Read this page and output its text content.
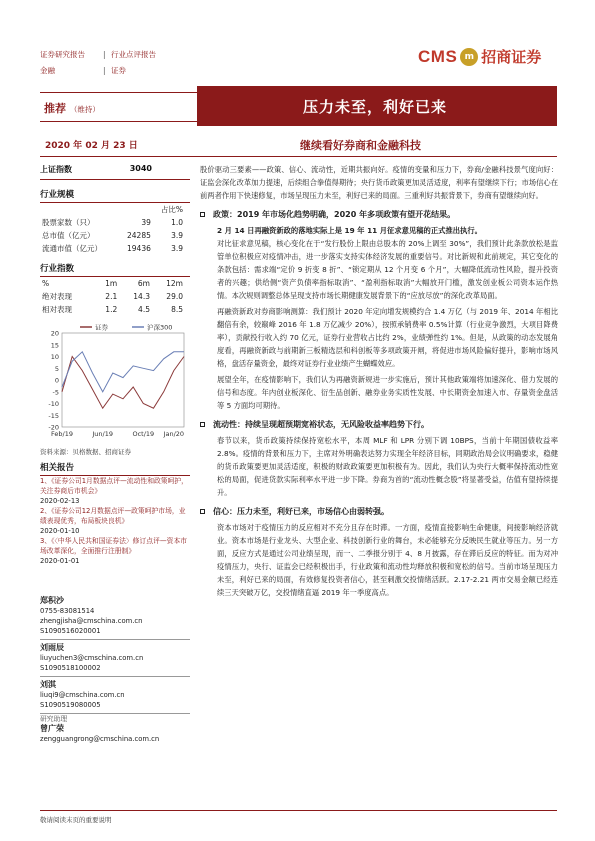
证券研究报告	| 行业点评报告
金融	| 证券
CMS m 招商证券
推荐 （维持）	压力未至，利好已来
2020 年 02 月 23 日	继续看好券商和金融科技
上证指数	3040
行业规模
		占比%
股票家数（只）	39	1.0
总市值（亿元）	24285	3.9
流通市值（亿元）	19436	3.9
行业指数
%	1m	6m	12m
绝对表现	2.1	14.3	29.0
相对表现	1.2	4.5	8.5
20
15
10
5
0
-5
-10
-15
-20
Feb/19	Jun/19	Oct/19 Jan/20
证券	沪深300
资料来源：贝格数据、招商证券
相关报告
1、《证券公司1月数据点评—流动性和政策呵护，关注券商后市机会》
2020-02-13
2、《证券公司12月数据点评—政策呵护市场，业绩表现优秀，布局板块良机》
2020-01-10
3、《〈中华人民共和国证券法〉修订点评—资本市场改革深化，全面推行注册制》
2020-01-01
郑积沙
0755-83081514
zhengjisha@cmschina.com.cn
S1090516020001
刘雨辰
liuyuchen3@cmschina.com.cn
S1090518100002
刘淇
liuqi9@cmschina.com.cn
S1090519080005
研究助理
曾广荣
zengguangrong@cmschina.com.cn

股价驱动三要素——政策、信心、流动性，近期共振向好。疫情的变量和压力下，券商/金融科技景气度向好：证监会深化改革加力提速，后续组合拳值得期待；央行货币政策更加灵活适度，利率有望继续下行；市场信心在前两者作用下快速修复，市场呈现压力未至，利好已来的局面。三重利好共振背景下，券商有望继续向好。

政策：2019 年市场化趋势明确，2020 年多项政策有望开花结果。

2 月 14 日再融资新政的落地实际上是 19 年 11 月征求意见稿的正式推出执行。

对比征求意见稿，核心变化在于“发行股份上限由总股本的 20%上调至 30%”，我们预计此条款放松是监管单位积极应对疫情冲击，进一步落实支持实体经济发展的重要信号。对比新规和此前规定，其它变化的条款包括：需求端“定价 9 折变 8 折”、“锁定期从 12 个月变 6 个月”，大幅降低流动性风险，提升投资者的兴趣；供给侧“资产负债率指标取消”、“盈利指标取消”大幅放开门槛，激发创业板公司资本运作热情。本次规则调整总体呈现支持市场长期健康发展背景下的“应放尽放”的深化改革局面。

再融资新政对券商影响测算：我们预计 2020 年定向增发规模约合 1.4 万亿（与 2019 年、2014 年相比翻倍有余，较巅峰 2016 年 1.8 万亿减少 20%），按照承销费率 0.5%计算（行业竞争激烈，大项目降费率），贡献投行收入约 70 亿元，证券行业营收占比约 2%，业绩弹性约 1%。但是，从政策的动态发展角度看，再融资新政与前期新三板精选层和科创板等多项政策开闸，将促进市场风险偏好提升，影响市场风格，盘活存量资金，最终对证券行业业绩产生蝴蝶效应。

展望全年，在疫情影响下，我们认为再融资新规进一步实施后，预计其他政策端将加速深化、借力发展的信号和态度。年内创业板深化、衍生品创新、融券业务实质性发展、中长期资金加速入市、存量资金盘活等 5 方面均可期待。

流动性：持续呈现超预期宽裕状态，无风险收益率趋势下行。

春节以来，货币政策持续保持宽松水平，本周 MLF 和 LPR 分别下调 10BPS，当前十年期国债收益率 2.8%。疫情的背景和压力下，主席对外明确表达努力实现全年经济目标，同期政治局会议明确要求，稳健的货币政策要更加灵活适度，积极的财政政策要更加积极有为。因此，我们认为央行大概率保持流动性宽松的局面，促进货款实际利率水平进一步下降。券商为首的“流动性概念股”将显著受益，估值有望持续提升。

信心：压力未至，利好已来，市场信心由弱转强。

资本市场对于疫情压力的反应相对不充分且存在时滞。一方面，疫情直接影响生命健康，间接影响经济就业。资本市场是行业龙头、大型企业、科技创新行业的舞台，未必能够充分反映民生就业等压力。另一方面，反应方式是通过公司业绩呈现，而一、二季报分别于 4、8 月披露，存在滞后反应的特征。而为对冲疫情压力，央行、证监会已经积极出手，行业政策和流动性均释放积极和宽松的信号。当前市场呈现压力未至，利好已来的局面，有效修复投资者信心，甚至刺激交投情绪活跃。2.17-2.21 两市交易金额已经连续三天突破万亿，交投情绪直逼 2019 年一季度高点。

敬请阅读末页的重要说明
